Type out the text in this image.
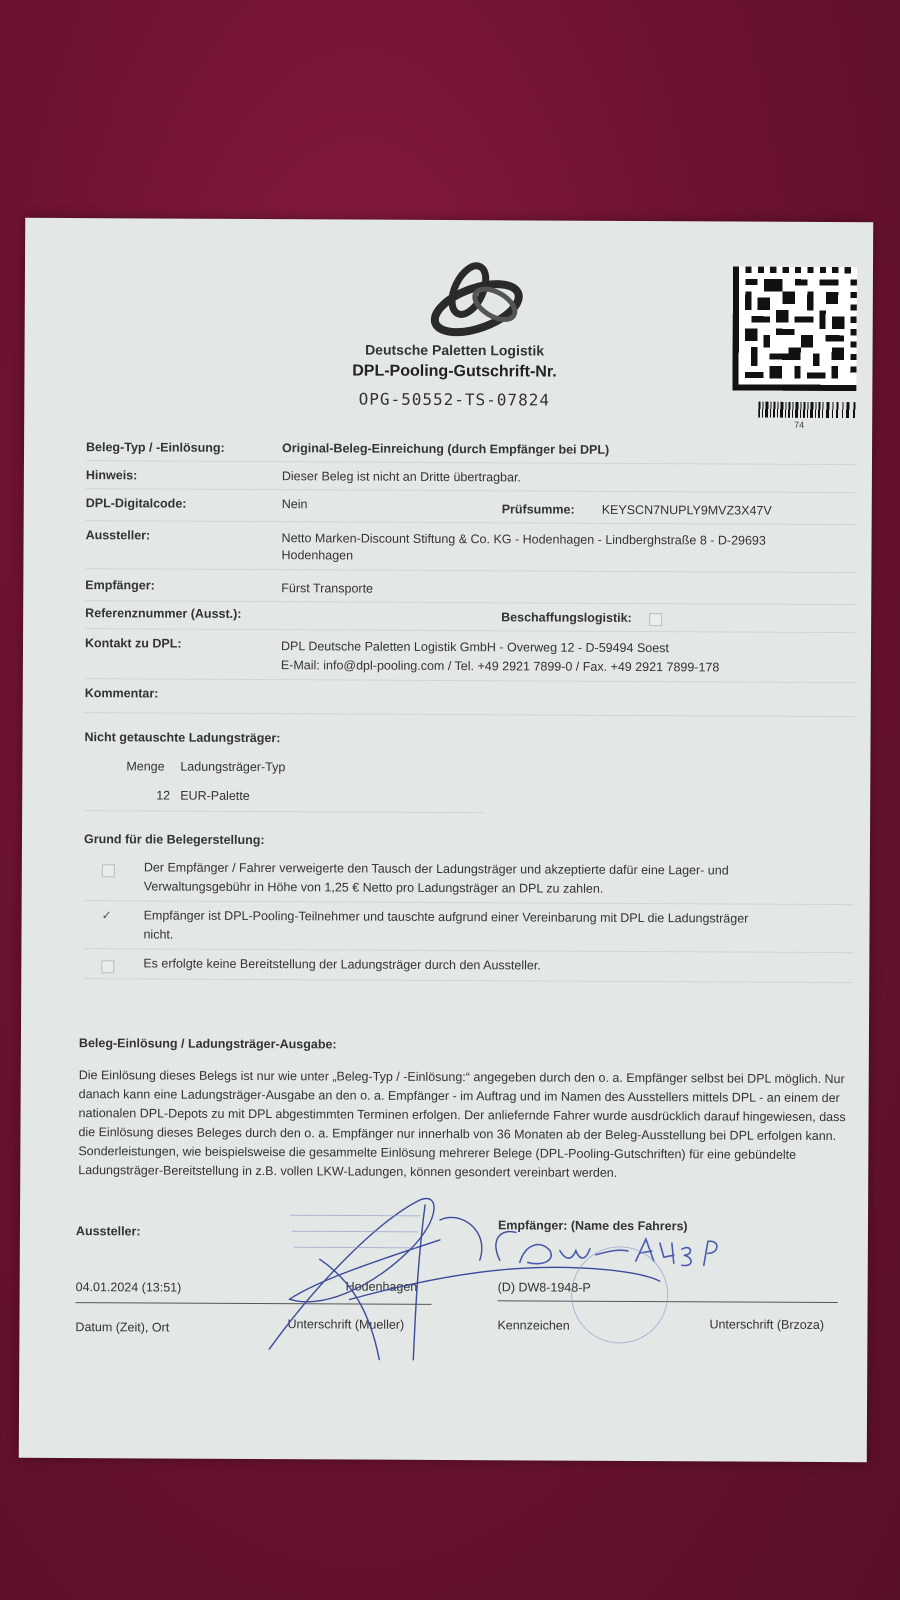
Deutsche Paletten Logistik
DPL-Pooling-Gutschrift-Nr.
OPG-50552-TS-07824
74
Beleg-Typ / -Einlösung:	Original-Beleg-Einreichung (durch Empfänger bei DPL)
Hinweis:	Dieser Beleg ist nicht an Dritte übertragbar.
DPL-Digitalcode:	Nein	Prüfsumme: KEYSCN7NUPLY9MVZ3X47V
Aussteller:	Netto Marken-Discount Stiftung & Co. KG - Hodenhagen - Lindberghstraße 8 - D-29693
Hodenhagen
Empfänger:	Fürst Transporte
Referenznummer (Ausst.):	Beschaffungslogistik:
Kontakt zu DPL:	DPL Deutsche Paletten Logistik GmbH - Overweg 12 - D-59494 Soest
E-Mail: info@dpl-pooling.com / Tel. +49 2921 7899-0 / Fax. +49 2921 7899-178
Kommentar:
Nicht getauschte Ladungsträger:
Menge Ladungsträger-Typ
12 EUR-Palette
Grund für die Belegerstellung:
Der Empfänger / Fahrer verweigerte den Tausch der Ladungsträger und akzeptierte dafür eine Lager- und
Verwaltungsgebühr in Höhe von 1,25 € Netto pro Ladungsträger an DPL zu zahlen.
✓	Empfänger ist DPL-Pooling-Teilnehmer und tauschte aufgrund einer Vereinbarung mit DPL die Ladungsträger
nicht.
Es erfolgte keine Bereitstellung der Ladungsträger durch den Aussteller.
Beleg-Einlösung / Ladungsträger-Ausgabe:
Die Einlösung dieses Belegs ist nur wie unter „Beleg-Typ / -Einlösung:“ angegeben durch den o. a. Empfänger selbst bei DPL möglich. Nur danach kann eine Ladungsträger-Ausgabe an den o. a. Empfänger - im Auftrag und im Namen des Ausstellers mittels DPL - an einem der nationalen DPL-Depots zu mit DPL abgestimmten Terminen erfolgen. Der anliefernde Fahrer wurde ausdrücklich darauf hingewiesen, dass die Einlösung dieses Beleges durch den o. a. Empfänger nur innerhalb von 36 Monaten ab der Beleg-Ausstellung bei DPL erfolgen kann. Sonderleistungen, wie beispielsweise die gesammelte Einlösung mehrerer Belege (DPL-Pooling-Gutschriften) für eine gebündelte Ladungsträger-Bereitstellung in z.B. vollen LKW-Ladungen, können gesondert vereinbart werden.
Aussteller:	Empfänger: (Name des Fahrers)
04.01.2024 (13:51)	Hodenhagen	(D) DW8-1948-P
Datum (Zeit), Ort	Unterschrift (Mueller)	Kennzeichen	Unterschrift (Brzoza)
